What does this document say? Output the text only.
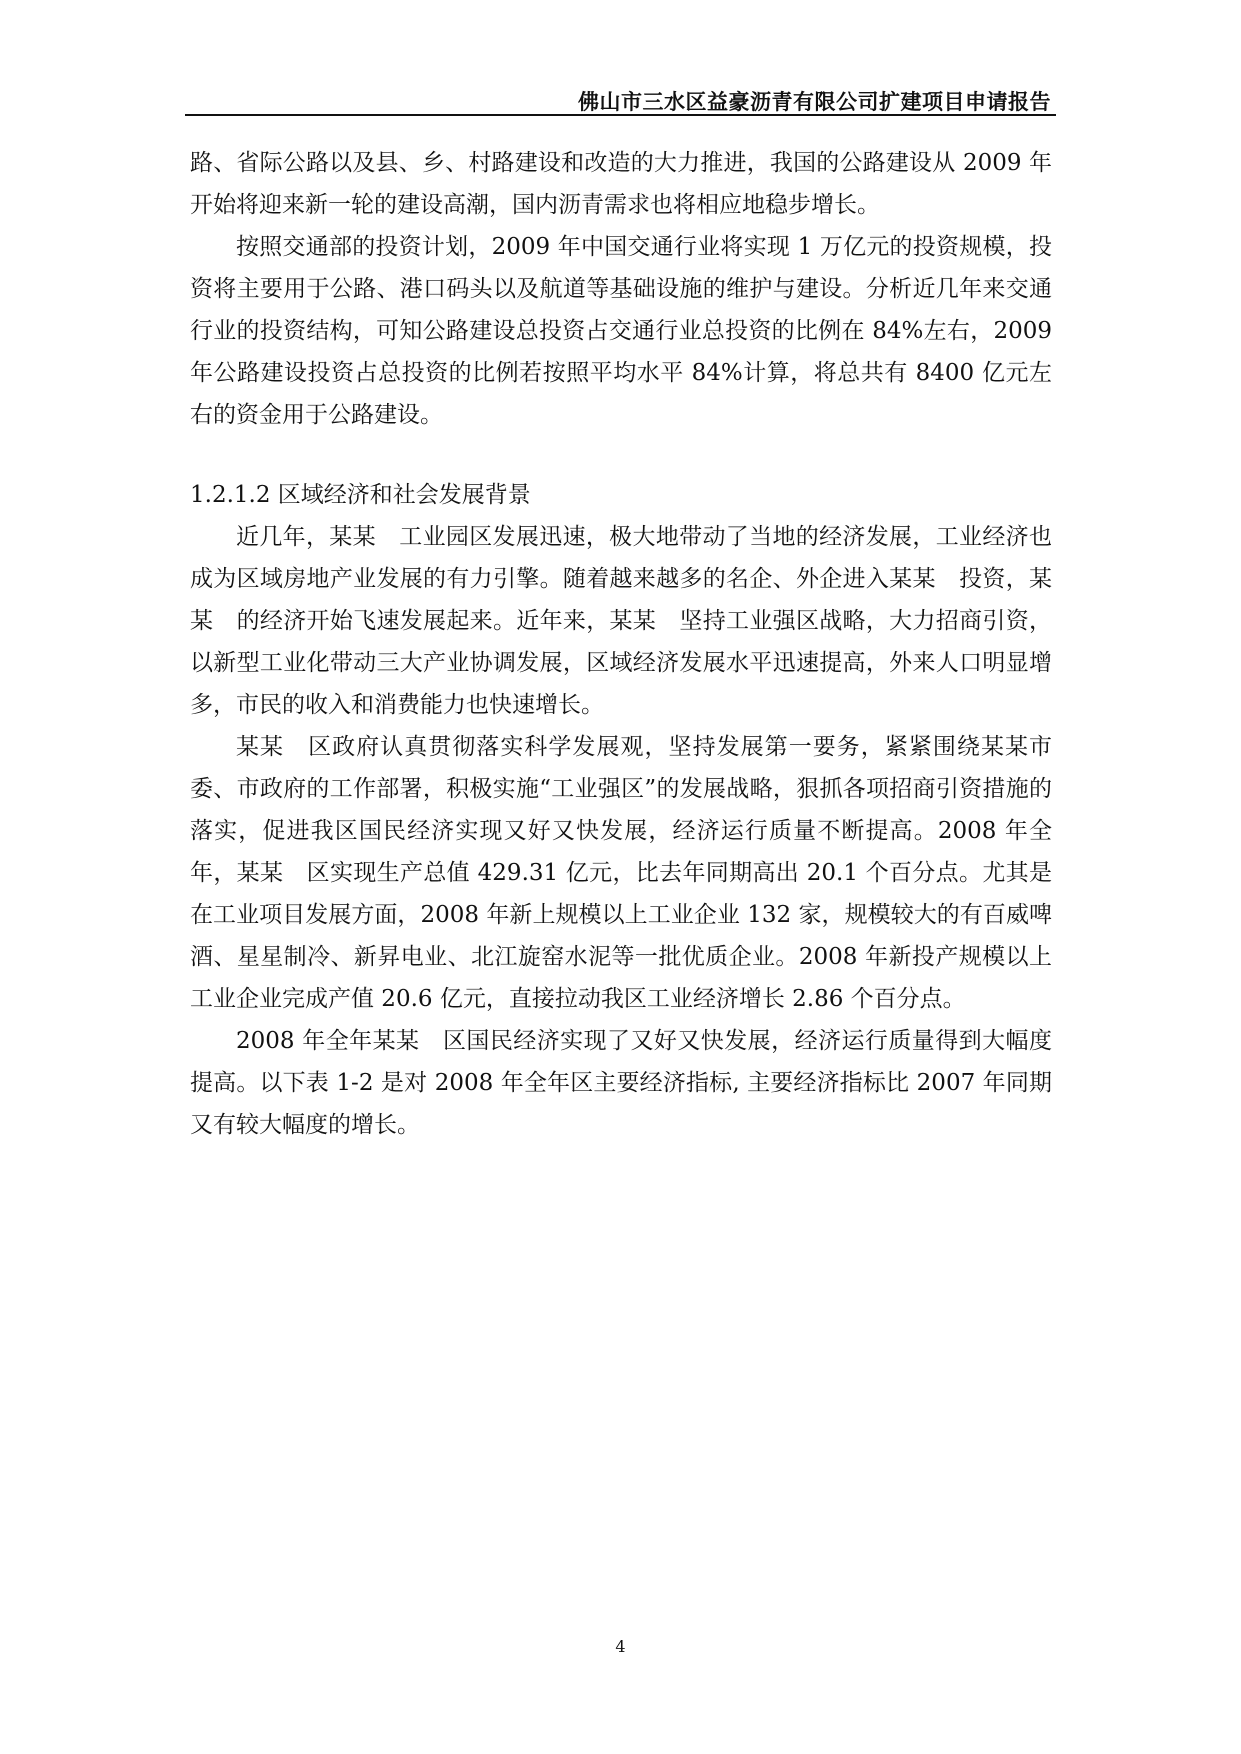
佛山市三水区益豪沥青有限公司扩建项目申请报告

路、省际公路以及县、乡、村路建设和改造的大力推进，我国的公路建设从 2009 年开始将迎来新一轮的建设高潮，国内沥青需求也将相应地稳步增长。

按照交通部的投资计划，2009 年中国交通行业将实现 1 万亿元的投资规模，投资将主要用于公路、港口码头以及航道等基础设施的维护与建设。分析近几年来交通行业的投资结构，可知公路建设总投资占交通行业总投资的比例在 84%左右，2009 年公路建设投资占总投资的比例若按照平均水平 84%计算，将总共有 8400 亿元左右的资金用于公路建设。

1.2.1.2 区域经济和社会发展背景

近几年，某某　工业园区发展迅速，极大地带动了当地的经济发展，工业经济也成为区域房地产业发展的有力引擎。随着越来越多的名企、外企进入某某　投资，某某　的经济开始飞速发展起来。近年来，某某　坚持工业强区战略，大力招商引资，以新型工业化带动三大产业协调发展，区域经济发展水平迅速提高，外来人口明显增多，市民的收入和消费能力也快速增长。

某某　区政府认真贯彻落实科学发展观，坚持发展第一要务，紧紧围绕某某市委、市政府的工作部署，积极实施“工业强区”的发展战略，狠抓各项招商引资措施的落实，促进我区国民经济实现又好又快发展，经济运行质量不断提高。2008 年全年，某某　区实现生产总值 429.31 亿元，比去年同期高出 20.1 个百分点。尤其是在工业项目发展方面，2008 年新上规模以上工业企业 132 家，规模较大的有百威啤酒、星星制冷、新昇电业、北江旋窑水泥等一批优质企业。2008 年新投产规模以上工业企业完成产值 20.6 亿元，直接拉动我区工业经济增长 2.86 个百分点。

2008 年全年某某　区国民经济实现了又好又快发展，经济运行质量得到大幅度提高。以下表 1-2 是对 2008 年全年区主要经济指标, 主要经济指标比 2007 年同期又有较大幅度的增长。

4
